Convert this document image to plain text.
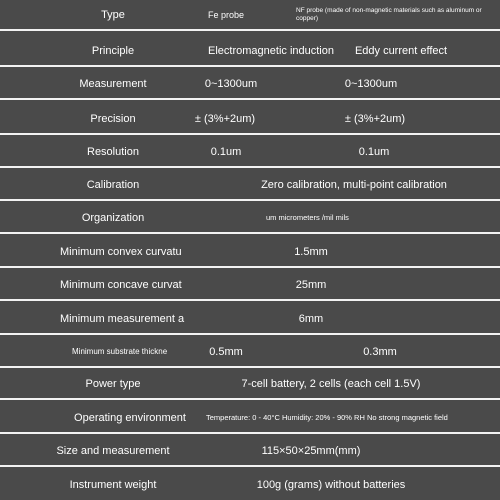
Type	Fe probe	NF probe (made of non-magnetic materials such as aluminum or copper)
Principle	Electromagnetic induction	Eddy current effect
Measurement	0~1300um	0~1300um
Precision	± (3%+2um)	± (3%+2um)
Resolution	0.1um	0.1um
Calibration	Zero calibration, multi-point calibration
Organization	um micrometers /mil mils
Minimum convex curvatu	1.5mm
Minimum concave curvat	25mm
Minimum measurement a	6mm
Minimum substrate thickne	0.5mm	0.3mm
Power type	7-cell battery, 2 cells (each cell 1.5V)
Operating environment	Temperature: 0 - 40°C Humidity: 20% - 90% RH No strong magnetic field
Size and measurement	115×50×25mm(mm)
Instrument weight	100g (grams) without batteries
